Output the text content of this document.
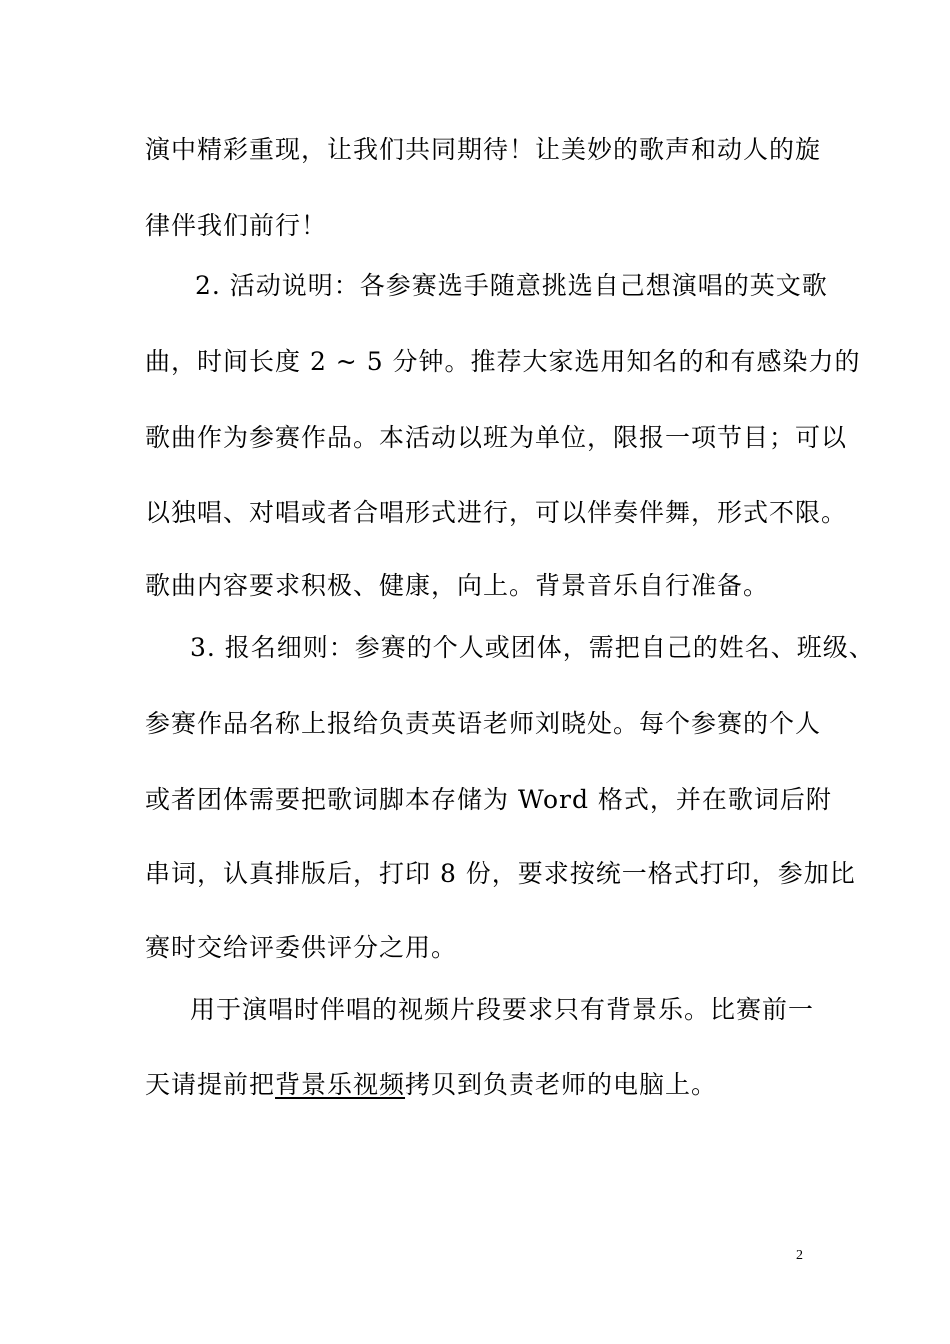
演中精彩重现，让我们共同期待！让美妙的歌声和动人的旋
律伴我们前行！
2. 活动说明：各参赛选手随意挑选自己想演唱的英文歌
曲，时间长度 2 ~ 5 分钟。推荐大家选用知名的和有感染力的
歌曲作为参赛作品。本活动以班为单位，限报一项节目；可以
以独唱、对唱或者合唱形式进行，可以伴奏伴舞，形式不限。
歌曲内容要求积极、健康，向上。背景音乐自行准备。
3. 报名细则：参赛的个人或团体，需把自己的姓名、班级、
参赛作品名称上报给负责英语老师刘晓处。每个参赛的个人
或者团体需要把歌词脚本存储为 Word 格式，并在歌词后附
串词，认真排版后，打印 8 份，要求按统一格式打印，参加比
赛时交给评委供评分之用。
用于演唱时伴唱的视频片段要求只有背景乐。比赛前一
天请提前把背景乐视频拷贝到负责老师的电脑上。
2
